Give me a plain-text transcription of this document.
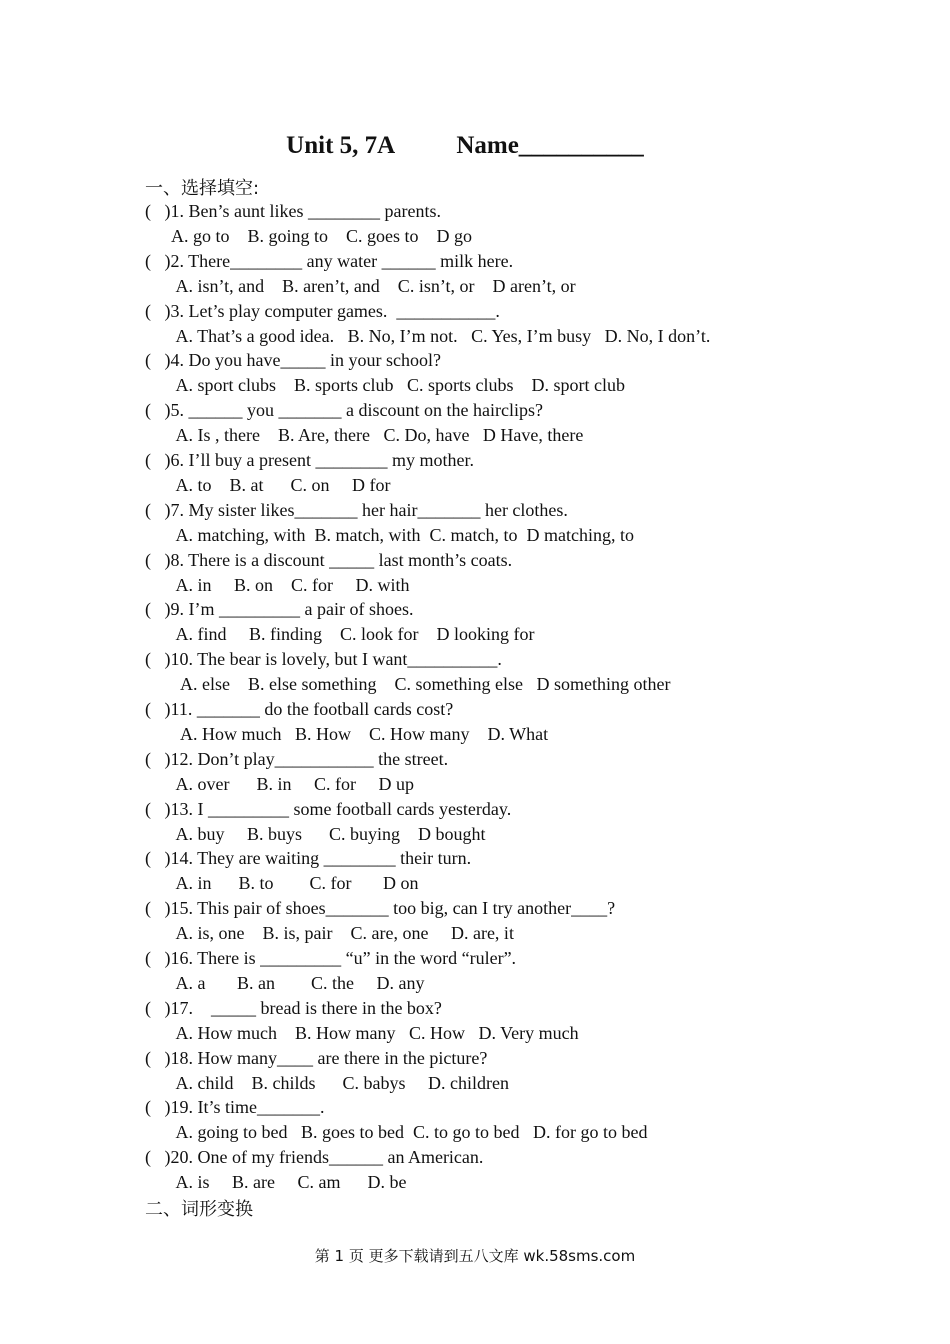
Unit 5, 7A          Name__________
一、选择填空:
(   )1. Ben’s aunt likes ________ parents.
A. go to    B. going to    C. goes to    D go
(   )2. There________ any water ______ milk here.
A. isn’t, and    B. aren’t, and    C. isn’t, or    D aren’t, or
(   )3. Let’s play computer games.  ___________.
A. That’s a good idea.   B. No, I’m not.   C. Yes, I’m busy   D. No, I don’t.
(   )4. Do you have_____ in your school?
A. sport clubs    B. sports club   C. sports clubs    D. sport club
(   )5. ______ you _______ a discount on the hairclips?
A. Is , there    B. Are, there   C. Do, have   D Have, there
(   )6. I’ll buy a present ________ my mother.
A. to    B. at      C. on     D for
(   )7. My sister likes_______ her hair_______ her clothes.
A. matching, with  B. match, with  C. match, to  D matching, to
(   )8. There is a discount _____ last month’s coats.
A. in     B. on    C. for     D. with
(   )9. I’m _________ a pair of shoes.
A. find     B. finding    C. look for    D looking for
(   )10. The bear is lovely, but I want__________.
A. else    B. else something    C. something else   D something other
(   )11. _______ do the football cards cost?
A. How much   B. How    C. How many    D. What
(   )12. Don’t play___________ the street.
A. over      B. in     C. for     D up
(   )13. I _________ some football cards yesterday.
A. buy     B. buys      C. buying    D bought
(   )14. They are waiting ________ their turn.
A. in      B. to        C. for       D on
(   )15. This pair of shoes_______ too big, can I try another____?
A. is, one    B. is, pair    C. are, one     D. are, it
(   )16. There is _________ “u” in the word “ruler”.
A. a       B. an        C. the     D. any
(   )17.    _____ bread is there in the box?
A. How much    B. How many   C. How   D. Very much
(   )18. How many____ are there in the picture?
A. child    B. childs      C. babys     D. children
(   )19. It’s time_______.
A. going to bed   B. goes to bed  C. to go to bed   D. for go to bed
(   )20. One of my friends______ an American.
A. is     B. are     C. am      D. be
二、词形变换
第 1 页 更多下载请到五八文库 wk.58sms.com
